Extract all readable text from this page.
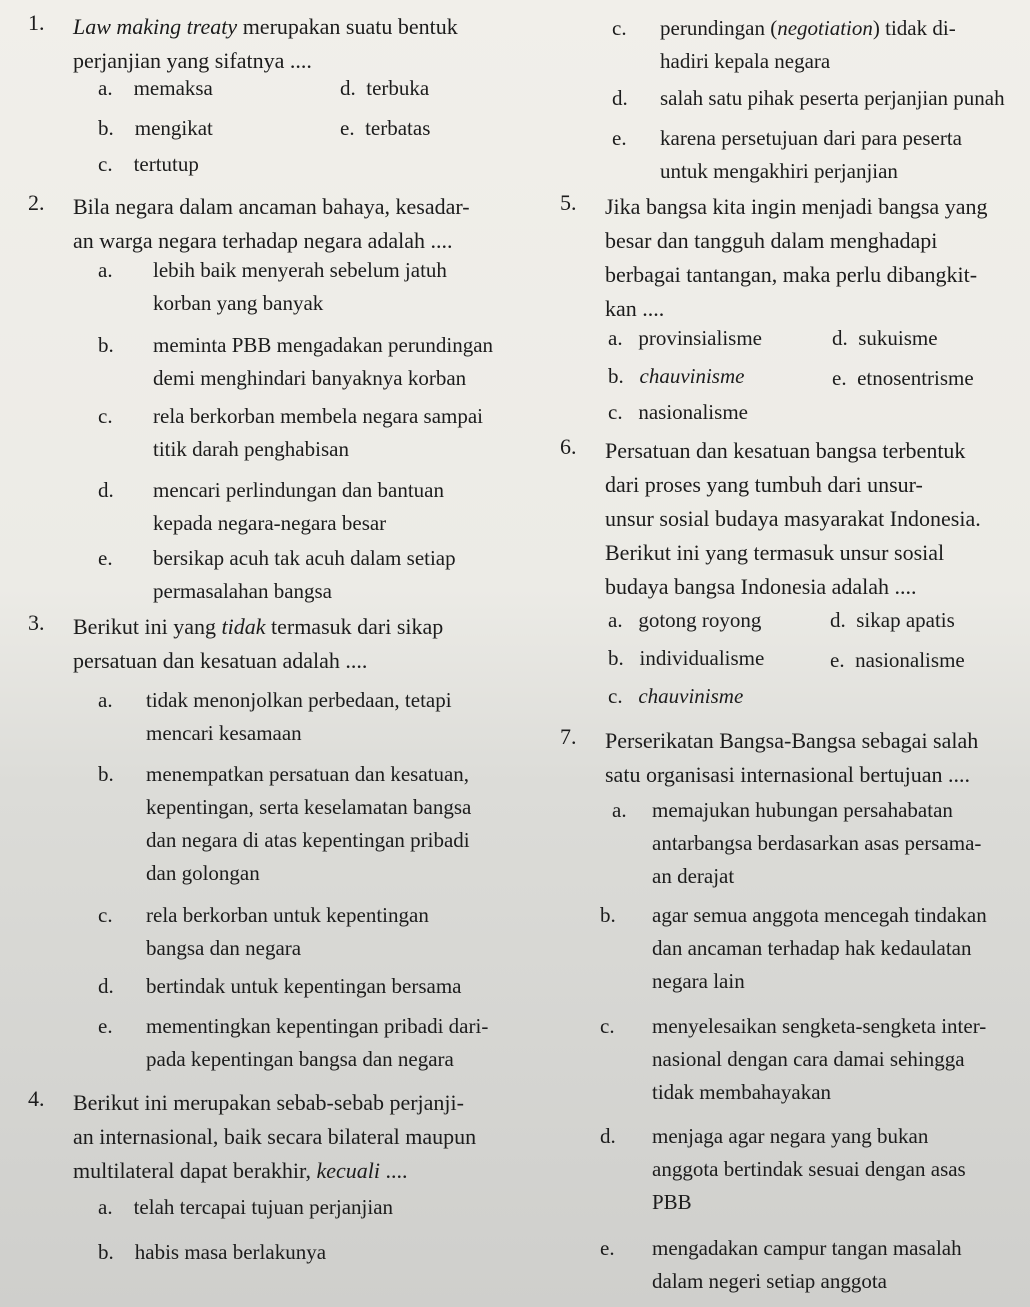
1. Law making treaty merupakan suatu bentuk
perjanjian yang sifatnya ....
a. memaksa
b. mengikat
c. tertutup
d. terbuka
e. terbatas
2. Bila negara dalam ancaman bahaya, kesadar-
an warga negara terhadap negara adalah ....
a. lebih baik menyerah sebelum jatuh
korban yang banyak
b. meminta PBB mengadakan perundingan
demi menghindari banyaknya korban
c. rela berkorban membela negara sampai
titik darah penghabisan
d. mencari perlindungan dan bantuan
kepada negara-negara besar
e. bersikap acuh tak acuh dalam setiap
permasalahan bangsa
3. Berikut ini yang tidak termasuk dari sikap
persatuan dan kesatuan adalah ....
a. tidak menonjolkan perbedaan, tetapi
mencari kesamaan
b. menempatkan persatuan dan kesatuan,
kepentingan, serta keselamatan bangsa
dan negara di atas kepentingan pribadi
dan golongan
c. rela berkorban untuk kepentingan
bangsa dan negara
d. bertindak untuk kepentingan bersama
e. mementingkan kepentingan pribadi dari-
pada kepentingan bangsa dan negara
4. Berikut ini merupakan sebab-sebab perjanji-
an internasional, baik secara bilateral maupun
multilateral dapat berakhir, kecuali ....
a. telah tercapai tujuan perjanjian
b. habis masa berlakunya
c. perundingan (negotiation) tidak di-
hadiri kepala negara
d. salah satu pihak peserta perjanjian punah
e. karena persetujuan dari para peserta
untuk mengakhiri perjanjian
5. Jika bangsa kita ingin menjadi bangsa yang
besar dan tangguh dalam menghadapi
berbagai tantangan, maka perlu dibangkit-
kan ....
a. provinsialisme
b. chauvinisme
c. nasionalisme
d. sukuisme
e. etnosentrisme
6. Persatuan dan kesatuan bangsa terbentuk
dari proses yang tumbuh dari unsur-
unsur sosial budaya masyarakat Indonesia.
Berikut ini yang termasuk unsur sosial
budaya bangsa Indonesia adalah ....
a. gotong royong
b. individualisme
c. chauvinisme
d. sikap apatis
e. nasionalisme
7. Perserikatan Bangsa-Bangsa sebagai salah
satu organisasi internasional bertujuan ....
a. memajukan hubungan persahabatan
antarbangsa berdasarkan asas persama-
an derajat
b. agar semua anggota mencegah tindakan
dan ancaman terhadap hak kedaulatan
negara lain
c. menyelesaikan sengketa-sengketa inter-
nasional dengan cara damai sehingga
tidak membahayakan
d. menjaga agar negara yang bukan
anggota bertindak sesuai dengan asas
PBB
e. mengadakan campur tangan masalah
dalam negeri setiap anggota
